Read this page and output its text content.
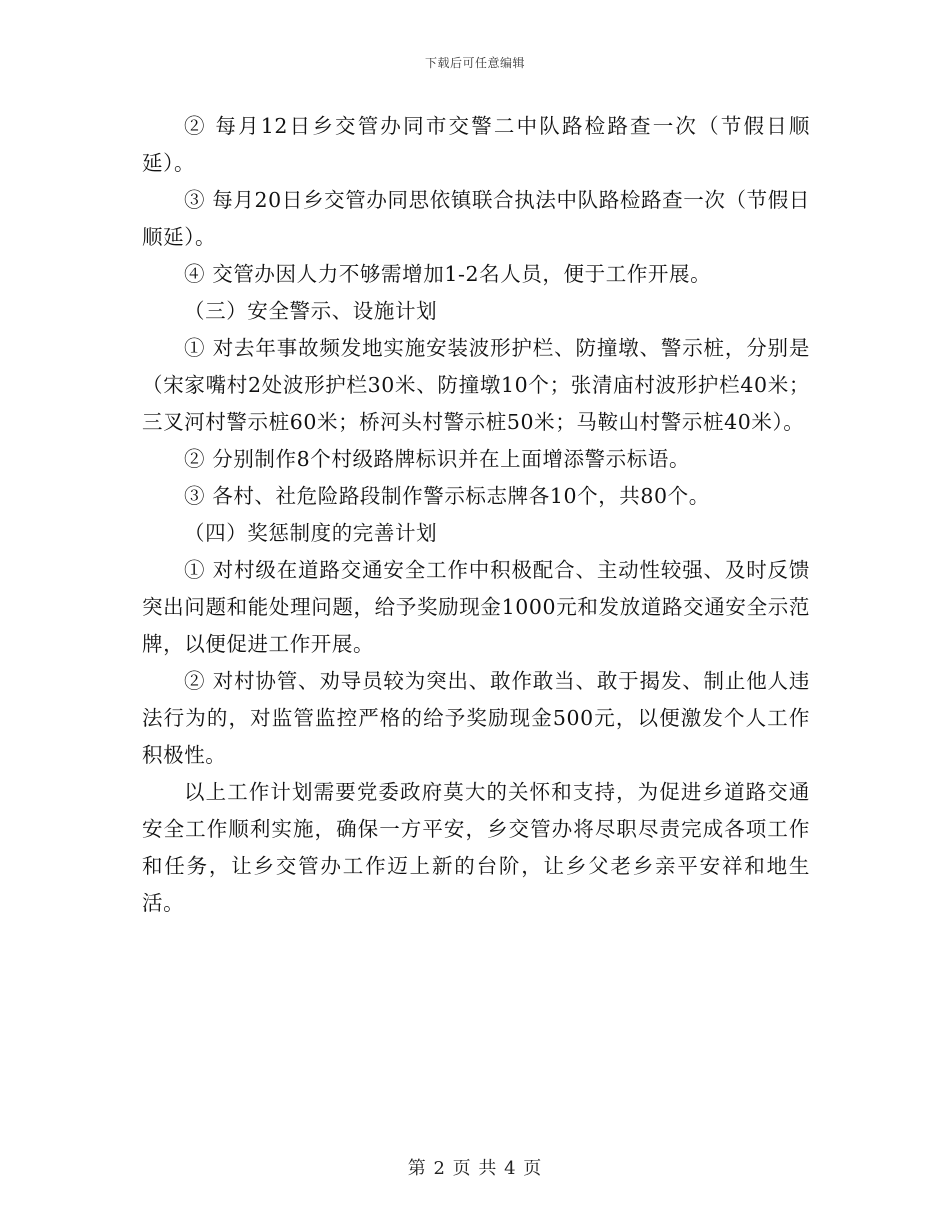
下载后可任意编辑

② 每月12日乡交管办同市交警二中队路检路查一次（节假日顺延）。

③ 每月20日乡交管办同思依镇联合执法中队路检路查一次（节假日顺延）。

④ 交管办因人力不够需增加1-2名人员，便于工作开展。

（三）安全警示、设施计划

① 对去年事故频发地实施安装波形护栏、防撞墩、警示桩，分别是（宋家嘴村2处波形护栏30米、防撞墩10个；张清庙村波形护栏40米；三叉河村警示桩60米；桥河头村警示桩50米；马鞍山村警示桩40米）。

② 分别制作8个村级路牌标识并在上面增添警示标语。

③ 各村、社危险路段制作警示标志牌各10个，共80个。

（四）奖惩制度的完善计划

① 对村级在道路交通安全工作中积极配合、主动性较强、及时反馈突出问题和能处理问题，给予奖励现金1000元和发放道路交通安全示范牌，以便促进工作开展。

② 对村协管、劝导员较为突出、敢作敢当、敢于揭发、制止他人违法行为的，对监管监控严格的给予奖励现金500元，以便激发个人工作积极性。

以上工作计划需要党委政府莫大的关怀和支持，为促进乡道路交通安全工作顺利实施，确保一方平安，乡交管办将尽职尽责完成各项工作和任务，让乡交管办工作迈上新的台阶，让乡父老乡亲平安祥和地生活。

第 2 页 共 4 页
